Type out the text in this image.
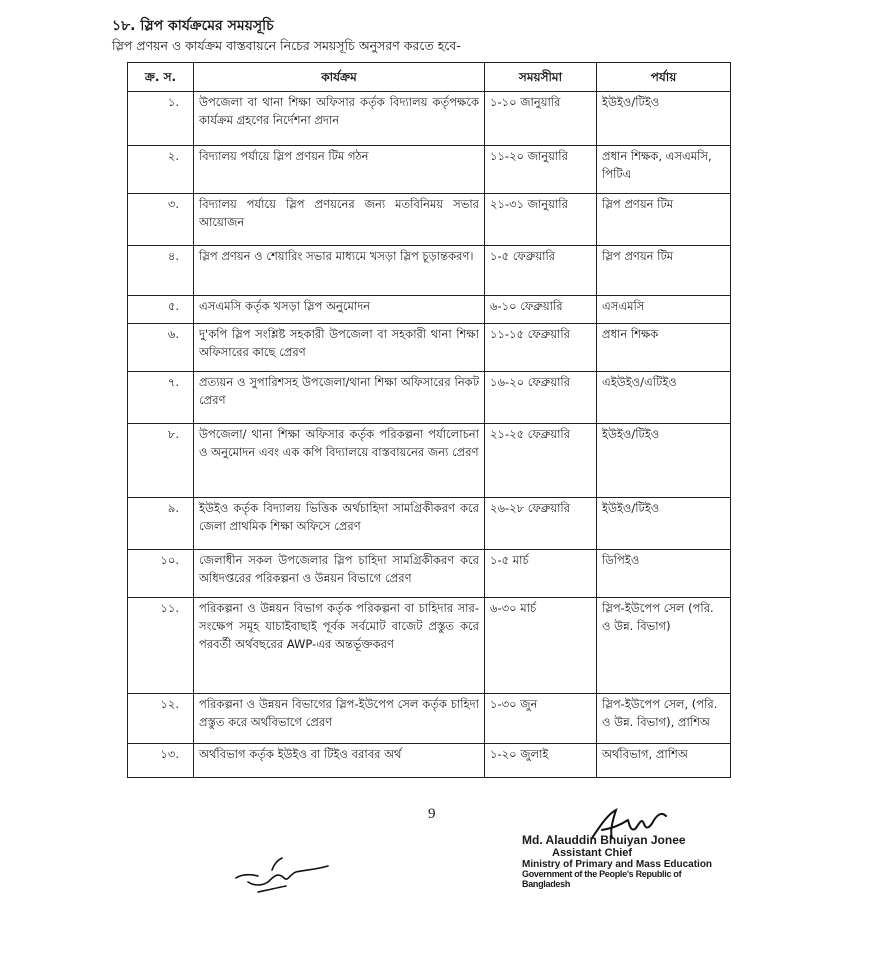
১৮. স্লিপ কার্যক্রমের সময়সূচি
স্লিপ প্রণয়ন ও কার্যক্রম বাস্তবায়নে নিচের সময়সূচি অনুসরণ করতে হবে-
ক্র. স.	কার্যক্রম	সময়সীমা	পর্যায়
১.	উপজেলা বা থানা শিক্ষা অফিসার কর্তৃক বিদ্যালয় কর্তৃপক্ষকে কার্যক্রম গ্রহণের নির্দেশনা প্রদান	১-১০ জানুয়ারি	ইউইও/টিইও
২.	বিদ্যালয় পর্যায়ে স্লিপ প্রণয়ন টিম গঠন	১১-২০ জানুয়ারি	প্রধান শিক্ষক, এসএমসি, পিটিএ
৩.	বিদ্যালয় পর্যায়ে স্লিপ প্রণয়নের জন্য মতবিনিময় সভার আয়োজন	২১-৩১ জানুয়ারি	স্লিপ প্রণয়ন টিম
৪.	স্লিপ প্রণয়ন ও শেয়ারিং সভার মাধ্যমে খসড়া স্লিপ চূড়ান্তকরণ।	১-৫ ফেব্রুয়ারি	স্লিপ প্রণয়ন টিম
৫.	এসএমসি কর্তৃক খসড়া স্লিপ অনুমোদন	৬-১০ ফেব্রুয়ারি	এসএমসি
৬.	দু'কপি স্লিপ সংশ্লিষ্ট সহকারী উপজেলা বা সহকারী থানা শিক্ষা অফিসারের কাছে প্রেরণ	১১-১৫ ফেব্রুয়ারি	প্রধান শিক্ষক
৭.	প্রত্যয়ন ও সুপারিশসহ উপজেলা/থানা শিক্ষা অফিসারের নিকট প্রেরণ	১৬-২০ ফেব্রুয়ারি	এইউইও/এটিইও
৮.	উপজেলা/ থানা শিক্ষা অফিসার কর্তৃক পরিকল্পনা পর্যালোচনা ও অনুমোদন এবং এক কপি বিদ্যালয়ে বাস্তবায়নের জন্য প্রেরণ	২১-২৫ ফেব্রুয়ারি	ইউইও/টিইও
৯.	ইউইও কর্তৃক বিদ্যালয় ভিত্তিক অর্থচাহিদা সামগ্রিকীকরণ করে জেলা প্রাথমিক শিক্ষা অফিসে প্রেরণ	২৬-২৮ ফেব্রুয়ারি	ইউইও/টিইও
১০.	জেলাধীন সকল উপজেলার স্লিপ চাহিদা সামগ্রিকীকরণ করে অধিদপ্তরের পরিকল্পনা ও উন্নয়ন বিভাগে প্রেরণ	১-৫ মার্চ	ডিপিইও
১১.	পরিকল্পনা ও উন্নয়ন বিভাগ কর্তৃক পরিকল্পনা বা চাহিদার সার-সংক্ষেপ সমূহ যাচাইবাছাই পূর্বক সর্বমোট বাজেট প্রস্তুত করে পরবর্তী অর্থবছরের AWP-এর অন্তর্ভূক্তকরণ	৬-৩০ মার্চ	স্লিপ-ইউপেপ সেল (পরি. ও উন্ন. বিভাগ)
১২.	পরিকল্পনা ও উন্নয়ন বিভাগের স্লিপ-ইউপেপ সেল কর্তৃক চাহিদা প্রস্তুত করে অর্থবিভাগে প্রেরণ	১-৩০ জুন	স্লিপ-ইউপেপ সেল, (পরি. ও উন্ন. বিভাগ), প্রাশিঅ
১৩.	অর্থবিভাগ কর্তৃক ইউইও বা টিইও বরাবর অর্থ	১-২০ জুলাই	অর্থবিভাগ, প্রাশিঅ
9
Md. Alauddin Bhuiyan Jonee
Assistant Chief
Ministry of Primary and Mass Education
Government of the People's Republic of Bangladesh
